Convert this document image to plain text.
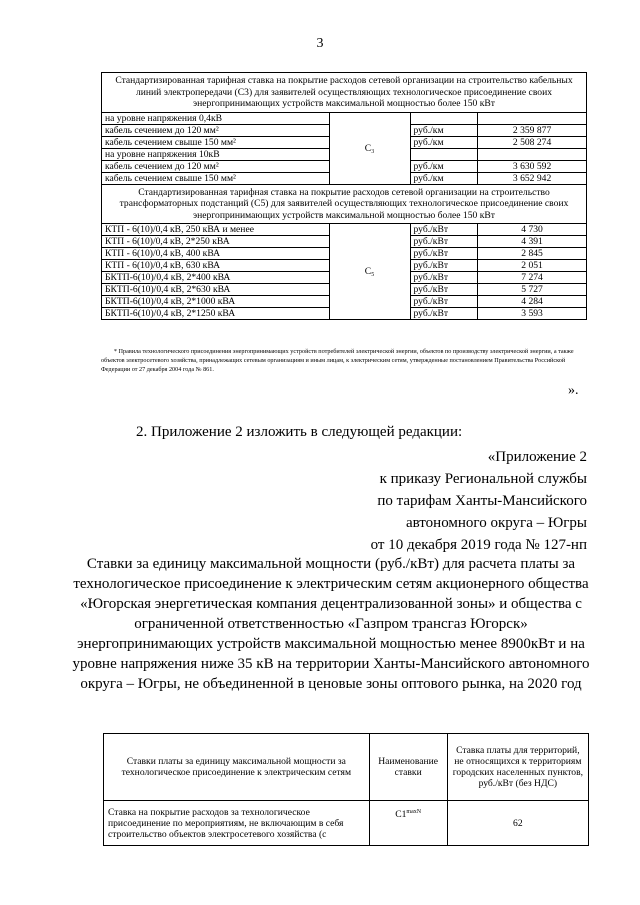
3
Стандартизированная тарифная ставка на покрытие расходов сетевой организации на строительство кабельных линий электропередачи (С3) для заявителей осуществляющих технологическое присоединение своих энергопринимающих устройств максимальной мощностью более 150 кВт			
на уровне напряжения 0,4кВ	С₃		
кабель сечением до 120 мм²		руб./км	2 359 877
кабель сечением свыше 150 мм²		руб./км	2 508 274
на уровне напряжения 10кВ			
кабель сечением до 120 мм²		руб./км	3 630 592
кабель сечением свыше 150 мм²		руб./км	3 652 942
Стандартизированная тарифная ставка на покрытие расходов сетевой организации на строительство трансформаторных подстанций (С5) для заявителей осуществляющих технологическое присоединение своих энергопринимающих устройств максимальной мощностью более 150 кВт			
КТП - 6(10)/0,4 кВ, 250 кВА и менее	С₅	руб./кВт	4 730
КТП - 6(10)/0,4 кВ, 2*250 кВА		руб./кВт	4 391
КТП - 6(10)/0,4 кВ, 400 кВА		руб./кВт	2 845
КТП - 6(10)/0,4 кВ, 630 кВА		руб./кВт	2 051
БКТП-6(10)/0,4 кВ, 2*400 кВА		руб./кВт	7 274
БКТП-6(10)/0,4 кВ, 2*630 кВА		руб./кВт	5 727
БКТП-6(10)/0,4 кВ, 2*1000 кВА		руб./кВт	4 284
БКТП-6(10)/0,4 кВ, 2*1250 кВА		руб./кВт	3 593
* Правила технологического присоединения энергопринимающих устройств потребителей электрической энергии, объектов по производству электрической энергии, а также объектов электросетевого хозяйства, принадлежащих сетевым организациям и иным лицам, к электрическим сетям, утвержденные постановлением Правительства Российской Федерации от 27 декабря 2004 года № 861.
».
2. Приложение 2 изложить в следующей редакции:
«Приложение 2
к приказу Региональной службы
по тарифам Ханты-Мансийского
автономного округа – Югры
от 10 декабря 2019 года № 127-нп
Ставки за единицу максимальной мощности (руб./кВт) для расчета платы за технологическое присоединение к электрическим сетям акционерного общества «Югорская энергетическая компания децентрализованной зоны» и общества с ограниченной ответственностью «Газпром трансгаз Югорск» энергопринимающих устройств максимальной мощностью менее 8900кВт и на уровне напряжения ниже 35 кВ на территории Ханты-Мансийского автономного округа – Югры, не объединенной в ценовые зоны оптового рынка, на 2020 год
Ставки платы за единицу максимальной мощности за технологическое присоединение к электрическим сетям	Наименование ставки	Ставка платы для территорий, не относящихся к территориям городских населенных пунктов, руб./кВт (без НДС)
Ставка на покрытие расходов за технологическое присоединение по мероприятиям, не включающим в себя строительство объектов электросетевого хозяйства (с	$C1^{maxN}$	62
